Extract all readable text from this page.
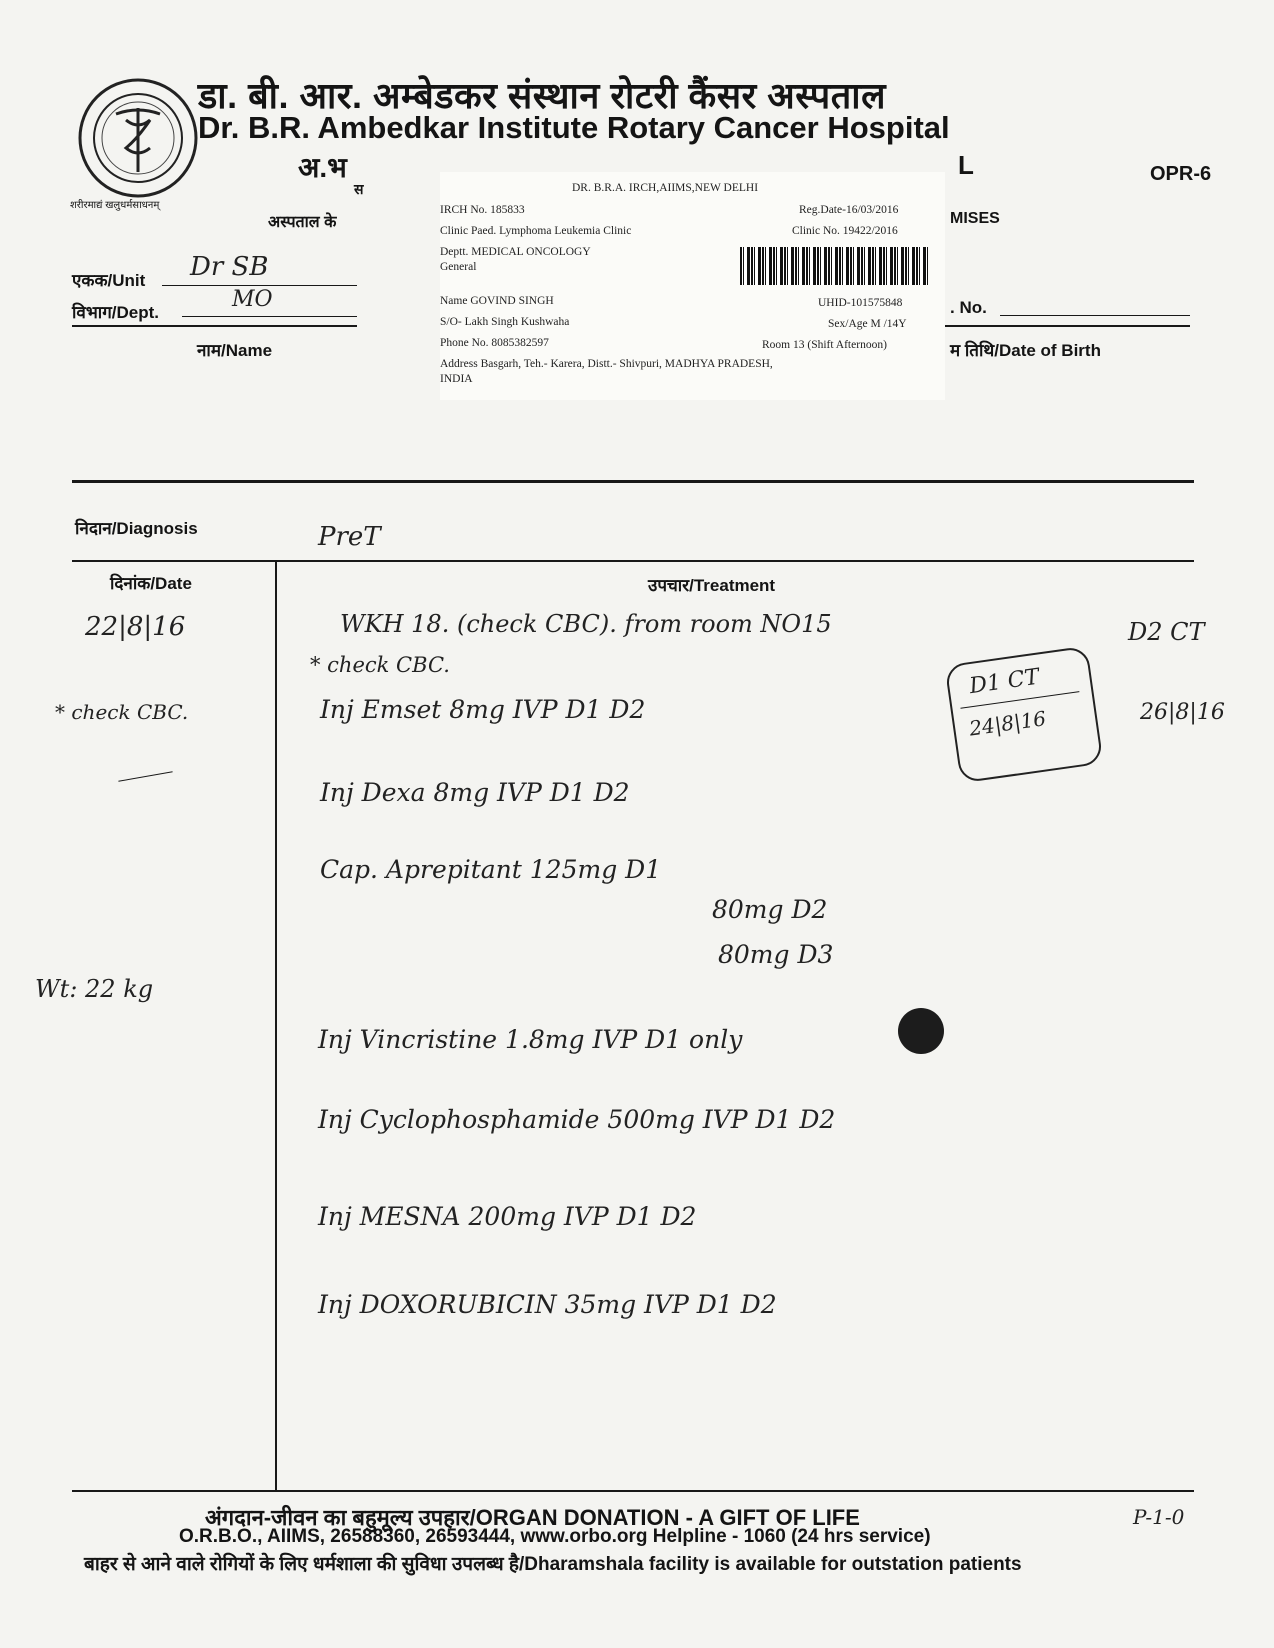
शरीरमाद्यं खलुधर्मसाधनम्
डा. बी. आर. अम्बेडकर संस्थान रोटरी कैंसर अस्पताल
Dr. B.R. Ambedkar Institute Rotary Cancer Hospital
अ.भ	L	OPR-6
स
अस्पताल के	MISES
एकक/Unit Dr SB
विभाग/Dept.
MO
नाम/Name
. No.
म तिथि/Date of Birth
DR. B.R.A. IRCH,AIIMS,NEW DELHI
IRCH No. 185833	Reg.Date-16/03/2016
Clinic Paed. Lymphoma Leukemia Clinic	Clinic No. 19422/2016
Deptt. MEDICAL ONCOLOGY
General
Name GOVIND SINGH	UHID-101575848
S/O- Lakh Singh Kushwaha	Sex/Age M /14Y
Phone No. 8085382597	Room 13 (Shift Afternoon)
Address Basgarh, Teh.- Karera, Distt.- Shivpuri, MADHYA PRADESH,
INDIA
निदान/Diagnosis	PreT
दिनांक/Date	उपचार/Treatment
22|8|16
* check CBC.
Wt: 22 kg
WKH 18. (check CBC). from room NO15
* check CBC.
Inj Emset 8mg IVP D1 D2
Inj Dexa 8mg IVP D1 D2
Cap. Aprepitant 125mg D1
80mg D2
80mg D3
Inj Vincristine 1.8mg IVP D1 only
Inj Cyclophosphamide 500mg IVP D1 D2
Inj MESNA 200mg IVP D1 D2
Inj DOXORUBICIN 35mg IVP D1 D2
D1 CT
24|8|16
D2 CT
26|8|16
अंगदान-जीवन का बहुमूल्य उपहार/ORGAN DONATION - A GIFT OF LIFE
O.R.B.O., AIIMS, 26588360, 26593444, www.orbo.org Helpline - 1060 (24 hrs service)
बाहर से आने वाले रोगियों के लिए धर्मशाला की सुविधा उपलब्ध है/Dharamshala facility is available for outstation patients
P-1-0
